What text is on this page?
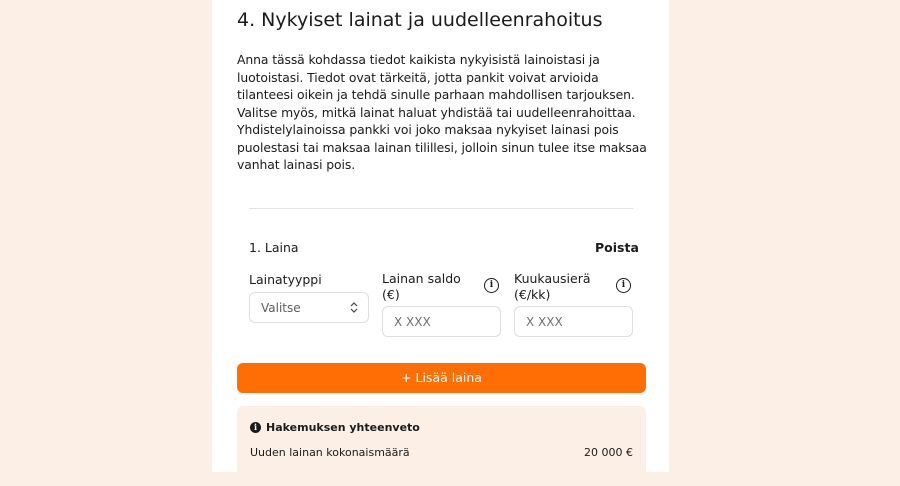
4. Nykyiset lainat ja uudelleenrahoitus

Anna tässä kohdassa tiedot kaikista nykyisistä lainoistasi ja
luotoistasi. Tiedot ovat tärkeitä, jotta pankit voivat arvioida
tilanteesi oikein ja tehdä sinulle parhaan mahdollisen tarjouksen.
Valitse myös, mitkä lainat haluat yhdistää tai uudelleenrahoittaa.
Yhdistelylainoissa pankki voi joko maksaa nykyiset lainasi pois
puolestasi tai maksaa lainan tilillesi, jolloin sinun tulee itse maksaa
vanhat lainasi pois.

1. Laina	Poista
Lainatyyppi
Valitse
Lainan saldo
(€)
i
X XXX
Kuukausierä
(€/kk)
i
X XXX
+ Lisää laina
i Hakemuksen yhteenveto
Uuden lainan kokonaismäärä	20 000 €
